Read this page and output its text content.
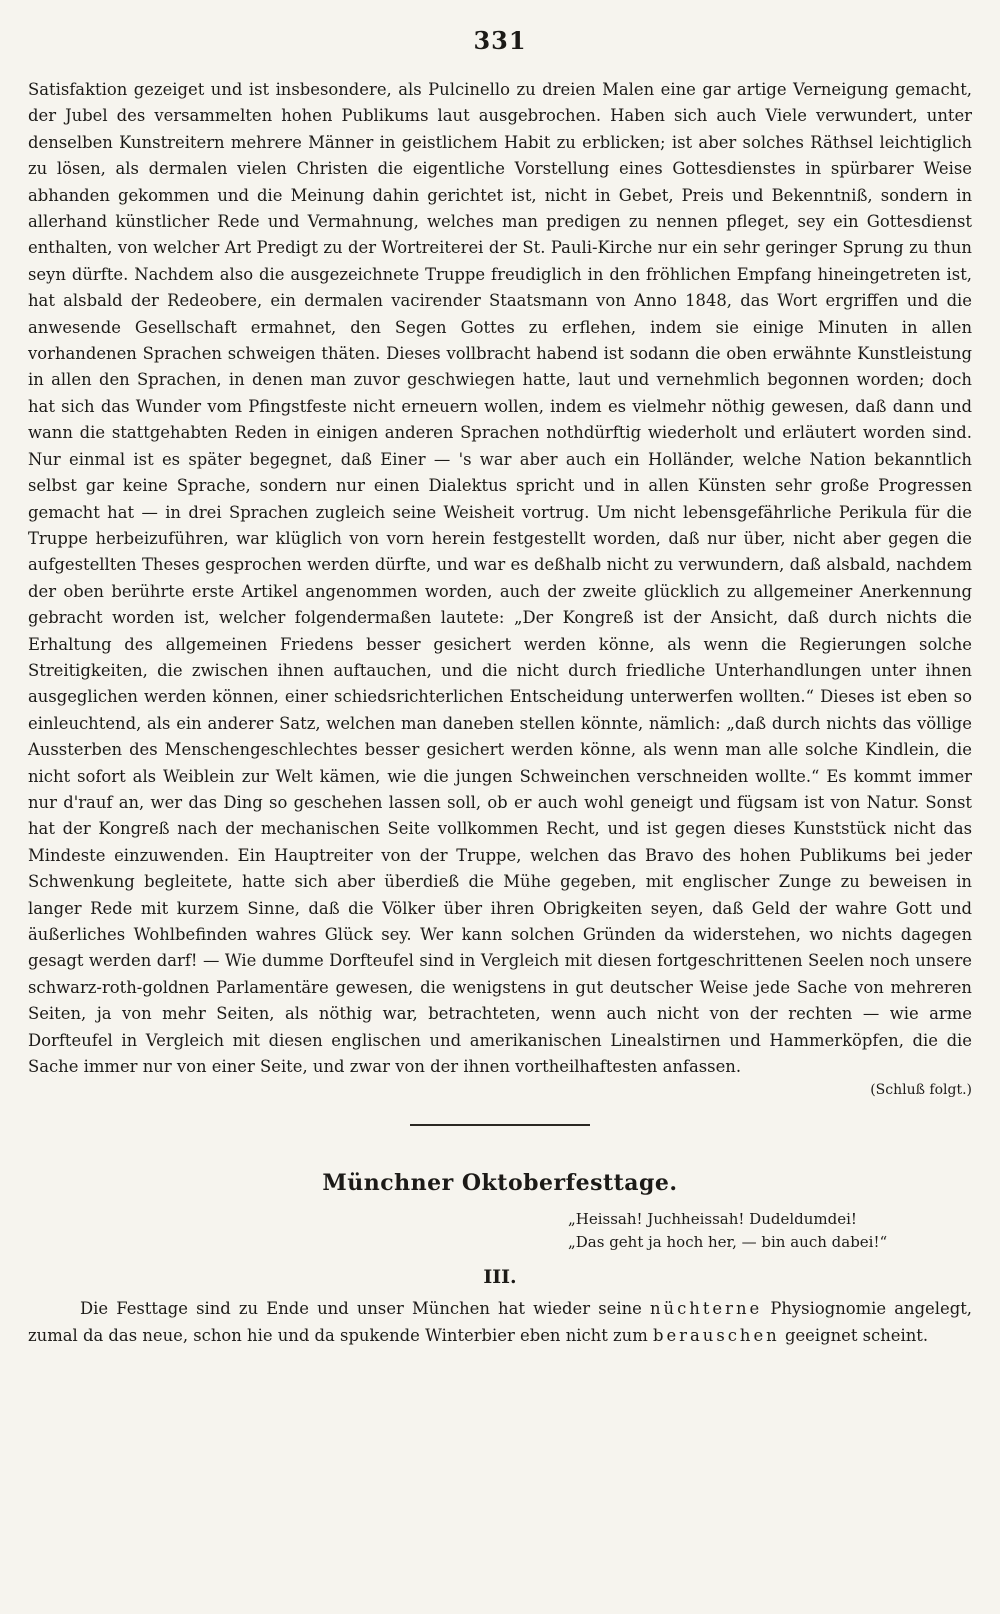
331

Satisfaktion gezeiget und ist insbesondere, als Pulcinello zu dreien Malen eine gar artige Verneigung gemacht, der Jubel des versammelten hohen Publikums laut ausgebrochen. Haben sich auch Viele verwundert, unter denselben Kunstreitern mehrere Männer in geistlichem Habit zu erblicken; ist aber solches Räthsel leichtiglich zu lösen, als dermalen vielen Christen die eigentliche Vorstellung eines Gottesdienstes in spürbarer Weise abhanden gekommen und die Meinung dahin gerichtet ist, nicht in Gebet, Preis und Bekenntniß, sondern in allerhand künstlicher Rede und Vermahnung, welches man predigen zu nennen pfleget, sey ein Gottesdienst enthalten, von welcher Art Predigt zu der Wortreiterei der St. Pauli-Kirche nur ein sehr geringer Sprung zu thun seyn dürfte. Nachdem also die ausgezeichnete Truppe freudiglich in den fröhlichen Empfang hineingetreten ist, hat alsbald der Redeobere, ein dermalen vacirender Staatsmann von Anno 1848, das Wort ergriffen und die anwesende Gesellschaft ermahnet, den Segen Gottes zu erflehen, indem sie einige Minuten in allen vorhandenen Sprachen schweigen thäten. Dieses vollbracht habend ist sodann die oben erwähnte Kunstleistung in allen den Sprachen, in denen man zuvor geschwiegen hatte, laut und vernehmlich begonnen worden; doch hat sich das Wunder vom Pfingstfeste nicht erneuern wollen, indem es vielmehr nöthig gewesen, daß dann und wann die stattgehabten Reden in einigen anderen Sprachen nothdürftig wiederholt und erläutert worden sind. Nur einmal ist es später begegnet, daß Einer — 's war aber auch ein Holländer, welche Nation bekanntlich selbst gar keine Sprache, sondern nur einen Dialektus spricht und in allen Künsten sehr große Progressen gemacht hat — in drei Sprachen zugleich seine Weisheit vortrug. Um nicht lebensgefährliche Perikula für die Truppe herbeizuführen, war klüglich von vorn herein festgestellt worden, daß nur über, nicht aber gegen die aufgestellten Theses gesprochen werden dürfte, und war es deßhalb nicht zu verwundern, daß alsbald, nachdem der oben berührte erste Artikel angenommen worden, auch der zweite glücklich zu allgemeiner Anerkennung gebracht worden ist, welcher folgendermaßen lautete: „Der Kongreß ist der Ansicht, daß durch nichts die Erhaltung des allgemeinen Friedens besser gesichert werden könne, als wenn die Regierungen solche Streitigkeiten, die zwischen ihnen auftauchen, und die nicht durch friedliche Unterhandlungen unter ihnen ausgeglichen werden können, einer schiedsrichterlichen Entscheidung unterwerfen wollten.“ Dieses ist eben so einleuchtend, als ein anderer Satz, welchen man daneben stellen könnte, nämlich: „daß durch nichts das völlige Aussterben des Menschengeschlechtes besser gesichert werden könne, als wenn man alle solche Kindlein, die nicht sofort als Weiblein zur Welt kämen, wie die jungen Schweinchen verschneiden wollte.“ Es kommt immer nur d'rauf an, wer das Ding so geschehen lassen soll, ob er auch wohl geneigt und fügsam ist von Natur. Sonst hat der Kongreß nach der mechanischen Seite vollkommen Recht, und ist gegen dieses Kunststück nicht das Mindeste einzuwenden. Ein Hauptreiter von der Truppe, welchen das Bravo des hohen Publikums bei jeder Schwenkung begleitete, hatte sich aber überdieß die Mühe gegeben, mit englischer Zunge zu beweisen in langer Rede mit kurzem Sinne, daß die Völker über ihren Obrigkeiten seyen, daß Geld der wahre Gott und äußerliches Wohlbefinden wahres Glück sey. Wer kann solchen Gründen da widerstehen, wo nichts dagegen gesagt werden darf! — Wie dumme Dorfteufel sind in Vergleich mit diesen fortgeschrittenen Seelen noch unsere schwarz-roth-goldnen Parlamentäre gewesen, die wenigstens in gut deutscher Weise jede Sache von mehreren Seiten, ja von mehr Seiten, als nöthig war, betrachteten, wenn auch nicht von der rechten — wie arme Dorfteufel in Vergleich mit diesen englischen und amerikanischen Linealstirnen und Hammerköpfen, die die Sache immer nur von einer Seite, und zwar von der ihnen vortheilhaftesten anfassen.

(Schluß folgt.)
Münchner Oktoberfesttage.
„Heissah! Juchheissah! Dudeldumdei!
„Das geht ja hoch her, — bin auch dabei!“
III.

Die Festtage sind zu Ende und unser München hat wieder seine nüchterne Physiognomie angelegt, zumal da das neue, schon hie und da spukende Winterbier eben nicht zum berauschen geeignet scheint.
